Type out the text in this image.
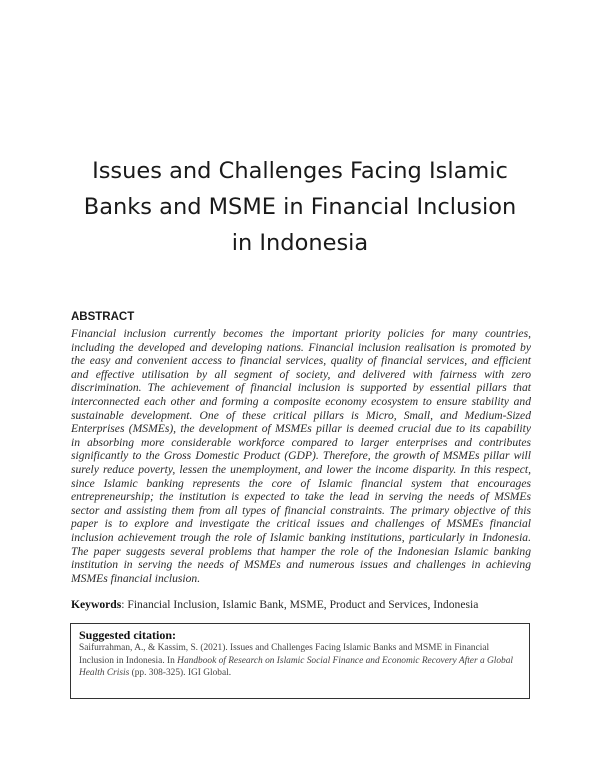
Issues and Challenges Facing Islamic
Banks and MSME in Financial Inclusion
in Indonesia
ABSTRACT
Financial inclusion currently becomes the important priority policies for many countries,
including the developed and developing nations. Financial inclusion realisation is promoted by
the easy and convenient access to financial services, quality of financial services, and efficient
and effective utilisation by all segment of society, and delivered with fairness with zero
discrimination. The achievement of financial inclusion is supported by essential pillars that
interconnected each other and forming a composite economy ecosystem to ensure stability and
sustainable development. One of these critical pillars is Micro, Small, and Medium-Sized
Enterprises (MSMEs), the development of MSMEs pillar is deemed crucial due to its capability
in absorbing more considerable workforce compared to larger enterprises and contributes
significantly to the Gross Domestic Product (GDP). Therefore, the growth of MSMEs pillar will
surely reduce poverty, lessen the unemployment, and lower the income disparity. In this respect,
since Islamic banking represents the core of Islamic financial system that encourages
entrepreneurship; the institution is expected to take the lead in serving the needs of MSMEs
sector and assisting them from all types of financial constraints. The primary objective of this
paper is to explore and investigate the critical issues and challenges of MSMEs financial
inclusion achievement trough the role of Islamic banking institutions, particularly in Indonesia.
The paper suggests several problems that hamper the role of the Indonesian Islamic banking
institution in serving the needs of MSMEs and numerous issues and challenges in achieving
MSMEs financial inclusion.
Keywords: Financial Inclusion, Islamic Bank, MSME, Product and Services, Indonesia
Suggested citation:
Saifurrahman, A., & Kassim, S. (2021). Issues and Challenges Facing Islamic Banks and MSME in Financial Inclusion in Indonesia. In Handbook of Research on Islamic Social Finance and Economic Recovery After a Global Health Crisis (pp. 308-325). IGI Global.
